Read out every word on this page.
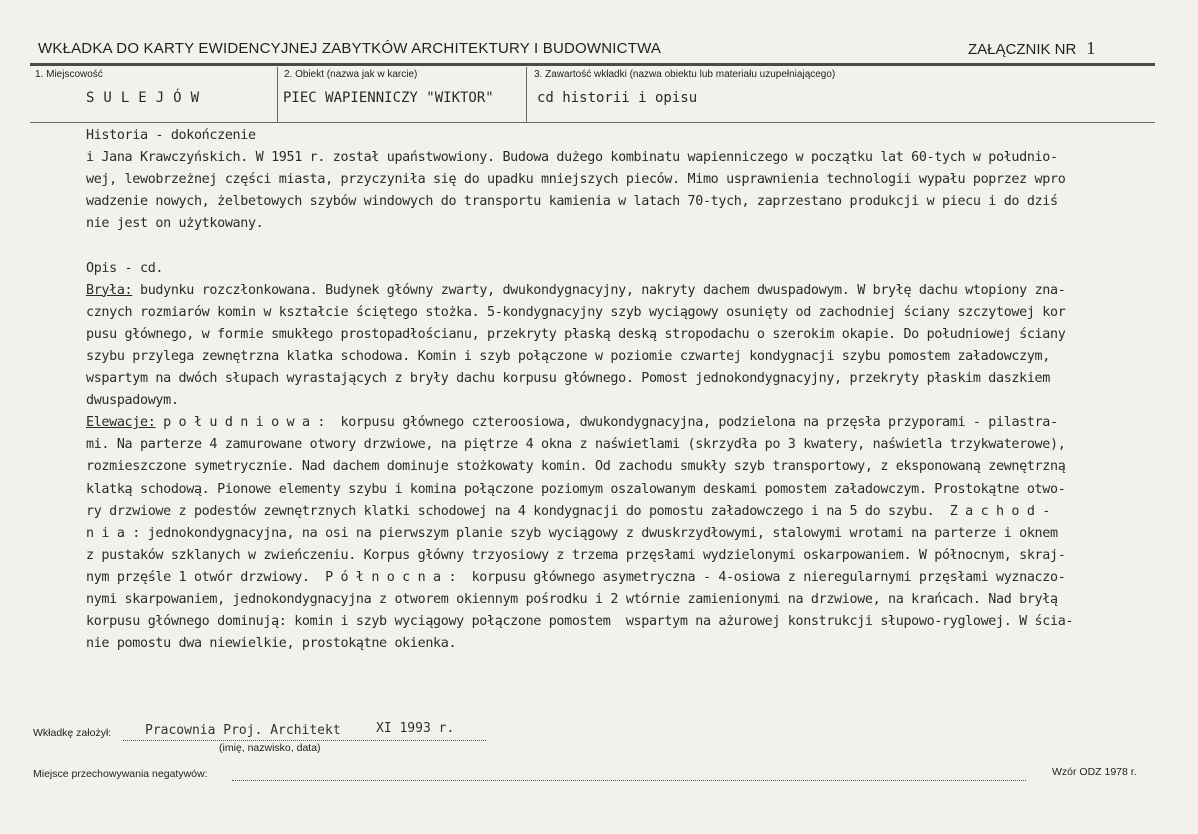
WKŁADKA DO KARTY EWIDENCYJNEJ ZABYTKÓW ARCHITEKTURY I BUDOWNICTWA	ZAŁĄCZNIK NR 1
1. Miejscowość
SULEJÓW
2. Obiekt (nazwa jak w karcie)
PIEC WAPIENNICZY "WIKTOR"
3. Zawartość wkładki (nazwa obiektu lub materiału uzupełniającego)
cd historii i opisu
Historia - dokończenie
i Jana Krawczyńskich. W 1951 r. został upaństwowiony. Budowa dużego kombinatu wapienniczego w początku lat 60-tych w południo-
wej, lewobrzeżnej części miasta, przyczyniła się do upadku mniejszych pieców. Mimo usprawnienia technologii wypału poprzez wpro
wadzenie nowych, żelbetowych szybów windowych do transportu kamienia w latach 70-tych, zaprzestano produkcji w piecu i do dziś
nie jest on użytkowany.
Opis - cd.
Bryła: budynku rozczłonkowana. Budynek główny zwarty, dwukondygnacyjny, nakryty dachem dwuspadowym. W bryłę dachu wtopiony zna-
cznych rozmiarów komin w kształcie ściętego stożka. 5-kondygnacyjny szyb wyciągowy osunięty od zachodniej ściany szczytowej kor
pusu głównego, w formie smukłego prostopadłościanu, przekryty płaską deską stropodachu o szerokim okapie. Do południowej ściany
szybu przylega zewnętrzna klatka schodowa. Komin i szyb połączone w poziomie czwartej kondygnacji szybu pomostem załadowczym,
wspartym na dwóch słupach wyrastających z bryły dachu korpusu głównego. Pomost jednokondygnacyjny, przekryty płaskim daszkiem
dwuspadowym.
Elewacje: p o ł u d n i o w a :  korpusu głównego czteroosiowa, dwukondygnacyjna, podzielona na przęsła przyporami - pilastra-
mi. Na parterze 4 zamurowane otwory drzwiowe, na piętrze 4 okna z naświetlami (skrzydła po 3 kwatery, naświetla trzykwaterowe),
rozmieszczone symetrycznie. Nad dachem dominuje stożkowaty komin. Od zachodu smukły szyb transportowy, z eksponowaną zewnętrzną
klatką schodową. Pionowe elementy szybu i komina połączone poziomym oszalowanym deskami pomostem załadowczym. Prostokątne otwo-
ry drzwiowe z podestów zewnętrznych klatki schodowej na 4 kondygnacji do pomostu załadowczego i na 5 do szybu.  Z a c h o d -
n i a : jednokondygnacyjna, na osi na pierwszym planie szyb wyciągowy z dwuskrzydłowymi, stalowymi wrotami na parterze i oknem
z pustaków szklanych w zwieńczeniu. Korpus główny trzyosiowy z trzema przęsłami wydzielonymi oskarpowaniem. W północnym, skraj-
nym przęśle 1 otwór drzwiowy.  P ó ł n o c n a :  korpusu głównego asymetryczna - 4-osiowa z nieregularnymi przęsłami wyznaczo-
nymi skarpowaniem, jednokondygnacyjna z otworem okiennym pośrodku i 2 wtórnie zamienionymi na drzwiowe, na krańcach. Nad bryłą
korpusu głównego dominują: komin i szyb wyciągowy połączone pomostem  wspartym na ażurowej konstrukcji słupowo-ryglowej. W ścia-
nie pomostu dwa niewielkie, prostokątne okienka.
Wkładkę założył:	Pracownia Proj. Architekt	XI 1993 r.
(imię, nazwisko, data)
Miejsce przechowywania negatywów:	Wzór ODZ 1978 r.
